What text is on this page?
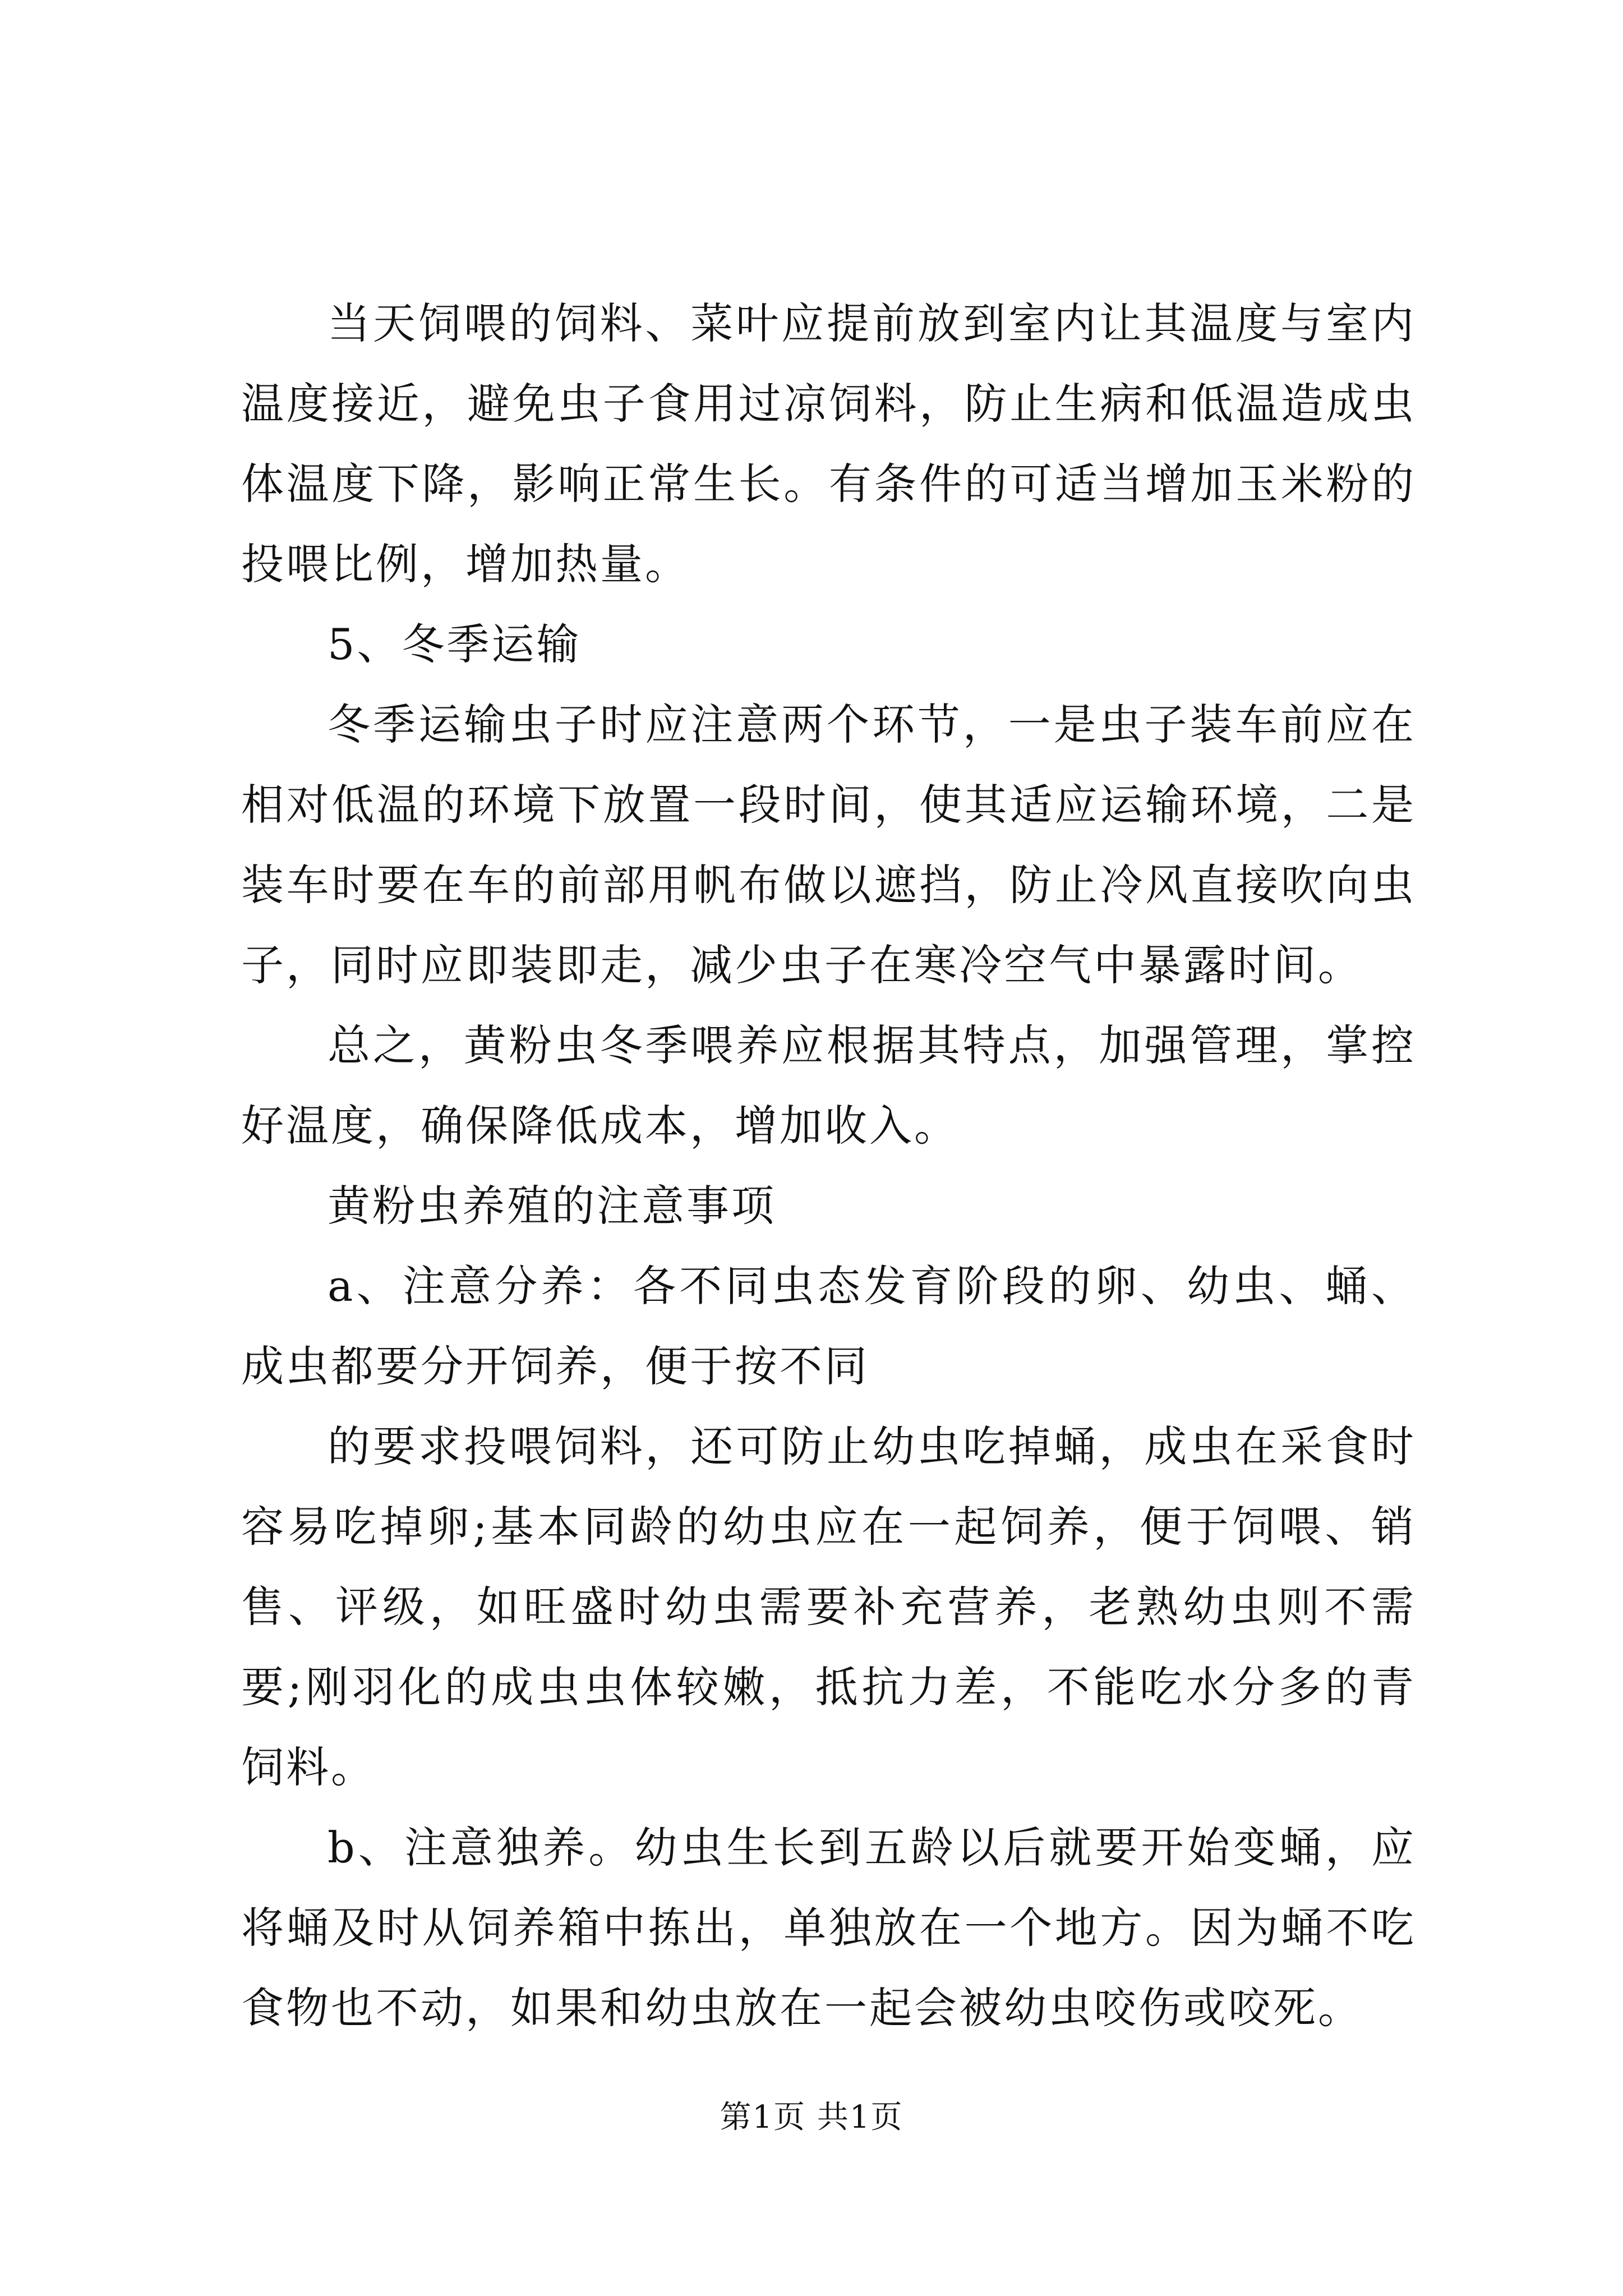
当天饲喂的饲料、菜叶应提前放到室内让其温度与室内温度接近，避免虫子食用过凉饲料，防止生病和低温造成虫体温度下降，影响正常生长。有条件的可适当增加玉米粉的投喂比例，增加热量。

5、冬季运输

冬季运输虫子时应注意两个环节，一是虫子装车前应在相对低温的环境下放置一段时间，使其适应运输环境，二是装车时要在车的前部用帆布做以遮挡，防止冷风直接吹向虫子，同时应即装即走，减少虫子在寒冷空气中暴露时间。

总之，黄粉虫冬季喂养应根据其特点，加强管理，掌控好温度，确保降低成本，增加收入。

黄粉虫养殖的注意事项

a、注意分养：各不同虫态发育阶段的卵、幼虫、蛹、成虫都要分开饲养，便于按不同

的要求投喂饲料，还可防止幼虫吃掉蛹，成虫在采食时容易吃掉卵;基本同龄的幼虫应在一起饲养，便于饲喂、销售、评级，如旺盛时幼虫需要补充营养，老熟幼虫则不需要;刚羽化的成虫虫体较嫩，抵抗力差，不能吃水分多的青饲料。

b、注意独养。幼虫生长到五龄以后就要开始变蛹，应将蛹及时从饲养箱中拣出，单独放在一个地方。因为蛹不吃食物也不动，如果和幼虫放在一起会被幼虫咬伤或咬死。

第1页 共1页
